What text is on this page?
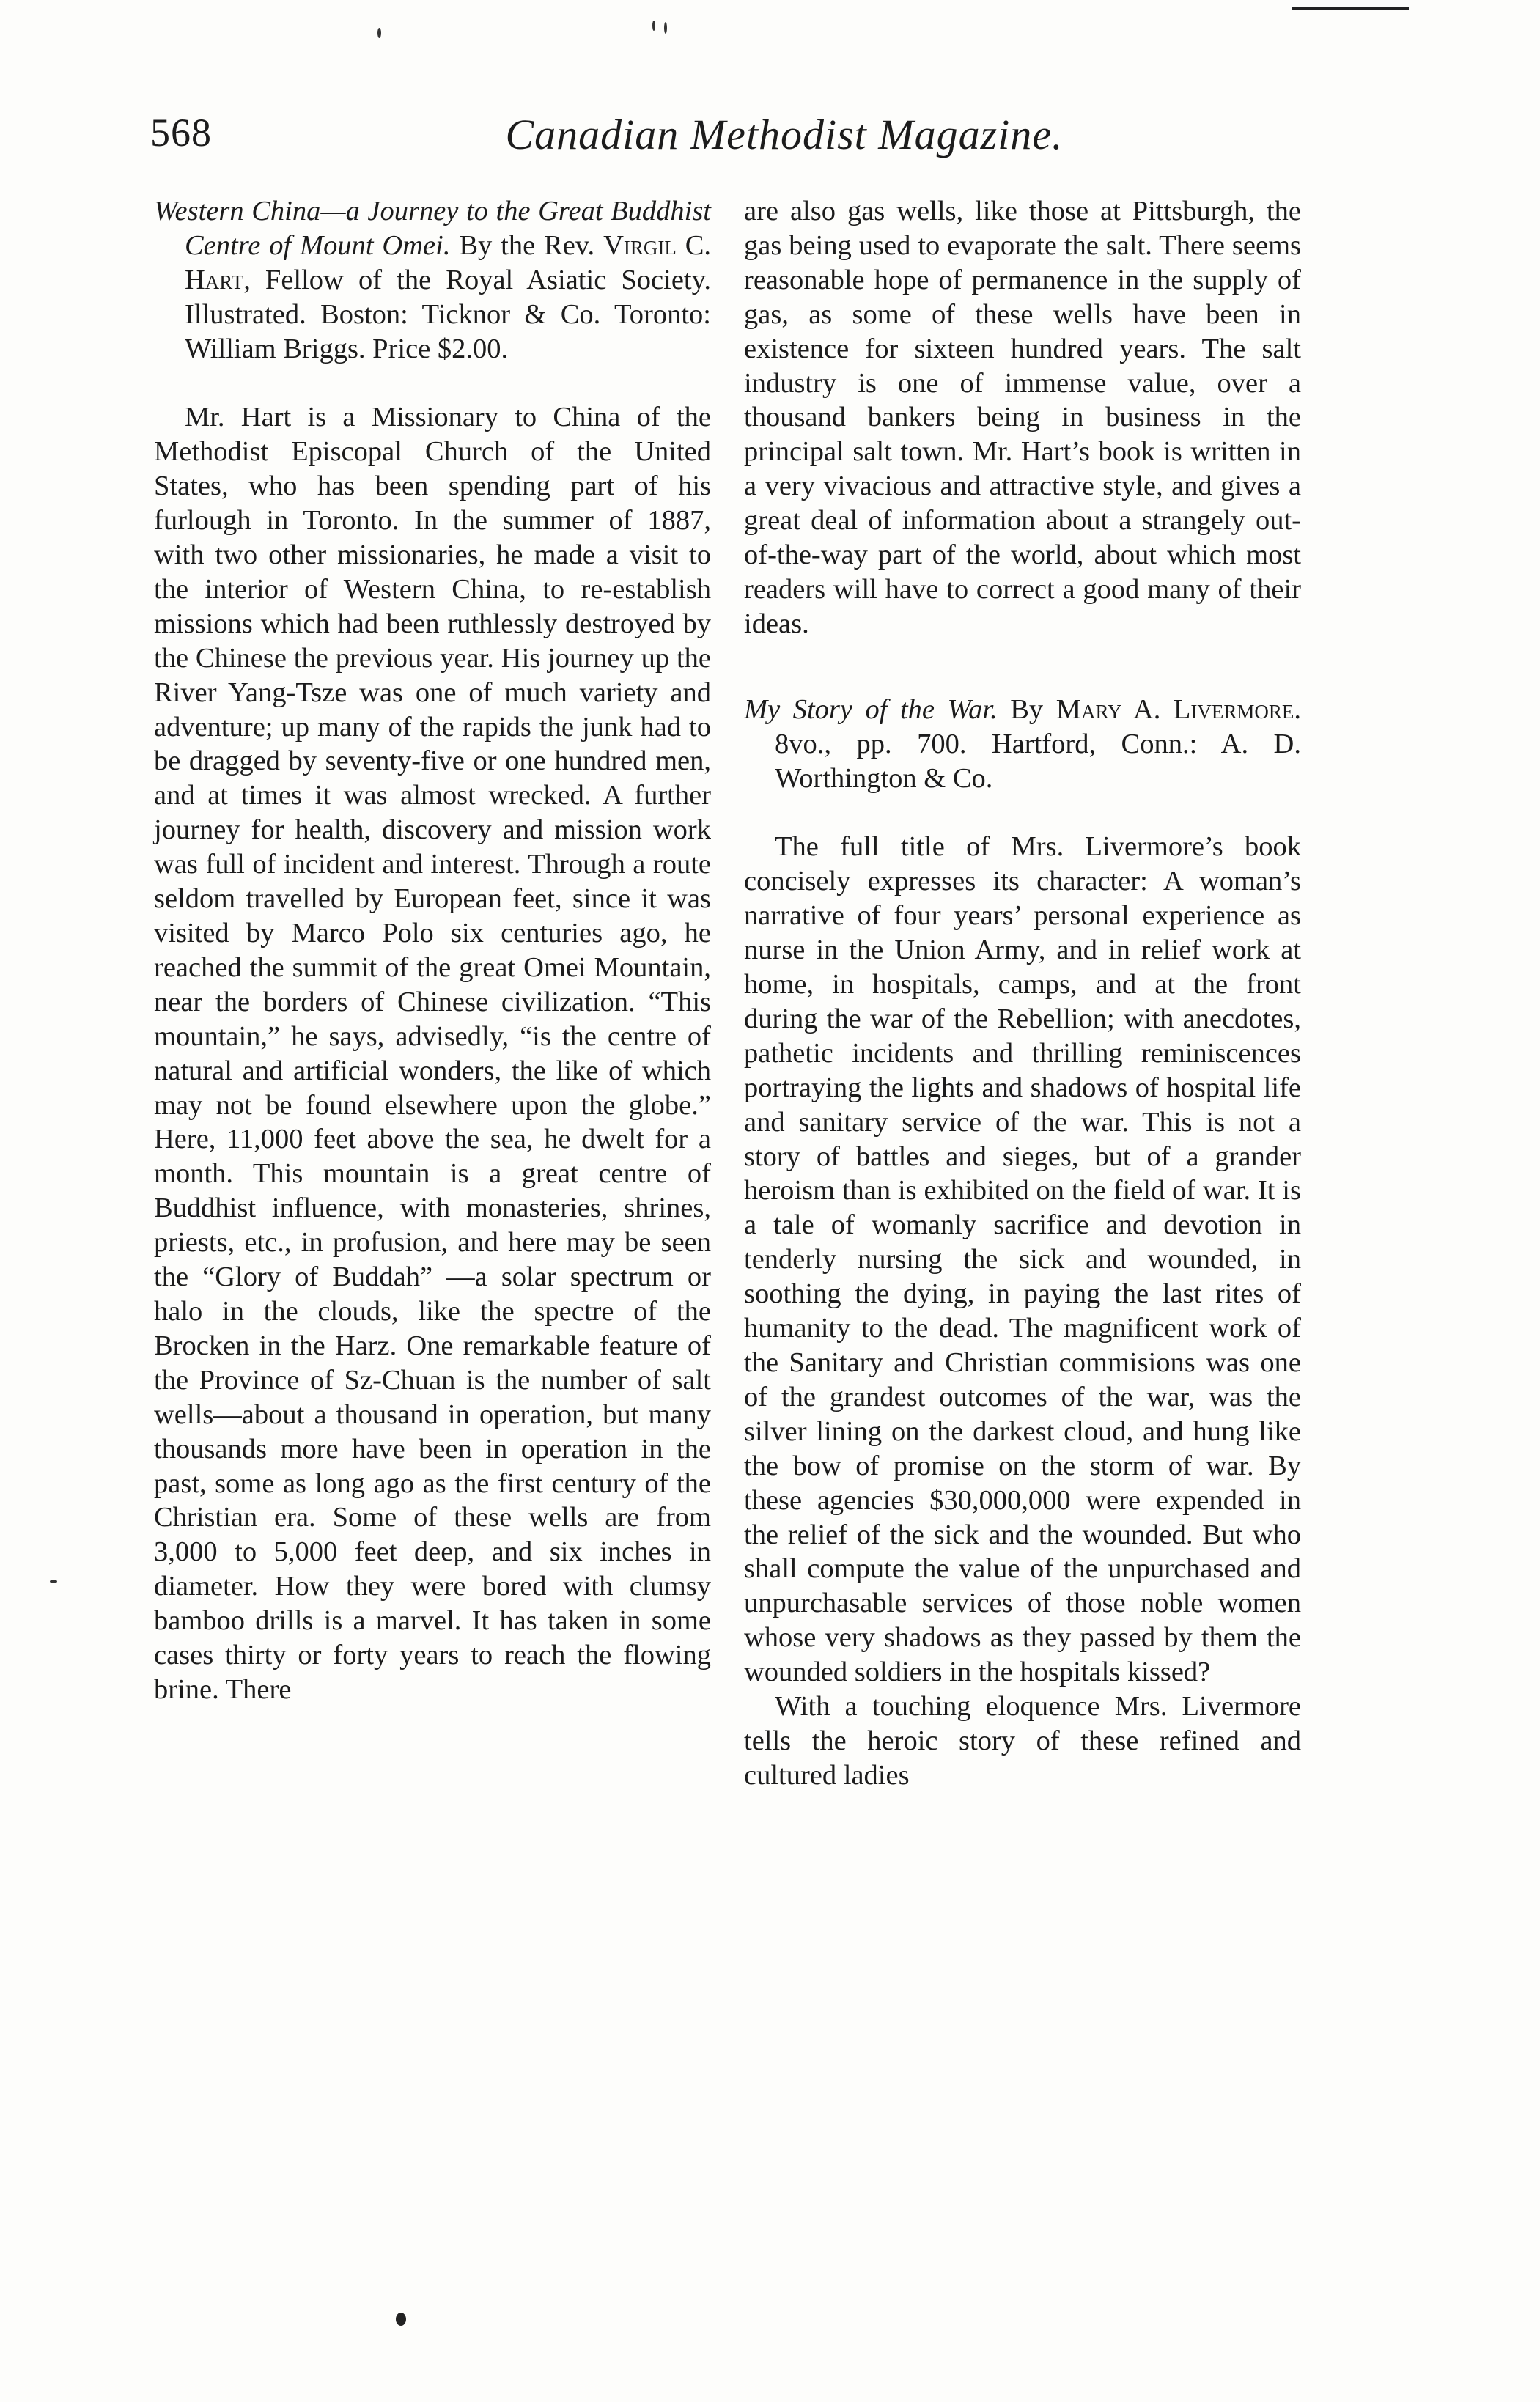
568	Canadian Methodist Magazine.

Western China—a Journey to the Great Buddhist Centre of Mount Omei. By the Rev. Virgil C. Hart, Fellow of the Royal Asiatic Society. Illustrated. Boston: Ticknor & Co. Toronto: William Briggs. Price $2.00.

Mr. Hart is a Missionary to China of the Methodist Episcopal Church of the United States, who has been spending part of his furlough in Toronto. In the summer of 1887, with two other missionaries, he made a visit to the interior of Western China, to re-establish missions which had been ruthlessly destroyed by the Chinese the previous year. His journey up the River Yang-Tsze was one of much variety and adventure; up many of the rapids the junk had to be dragged by seventy-five or one hundred men, and at times it was almost wrecked. A further journey for health, discovery and mission work was full of incident and interest. Through a route seldom travelled by European feet, since it was visited by Marco Polo six centuries ago, he reached the summit of the great Omei Mountain, near the borders of Chinese civilization. “This mountain,” he says, advisedly, “is the centre of natural and artificial wonders, the like of which may not be found elsewhere upon the globe.” Here, 11,000 feet above the sea, he dwelt for a month. This mountain is a great centre of Buddhist influence, with monasteries, shrines, priests, etc., in profusion, and here may be seen the “Glory of Buddah” —a solar spectrum or halo in the clouds, like the spectre of the Brocken in the Harz. One remarkable feature of the Province of Sz-Chuan is the number of salt wells—about a thousand in operation, but many thousands more have been in operation in the past, some as long ago as the first century of the Christian era. Some of these wells are from 3,000 to 5,000 feet deep, and six inches in diameter. How they were bored with clumsy bamboo drills is a marvel. It has taken in some cases thirty or forty years to reach the flowing brine. There

are also gas wells, like those at Pittsburgh, the gas being used to evaporate the salt. There seems reasonable hope of permanence in the supply of gas, as some of these wells have been in existence for sixteen hundred years. The salt industry is one of immense value, over a thousand bankers being in business in the principal salt town. Mr. Hart’s book is written in a very vivacious and attractive style, and gives a great deal of information about a strangely out-of-the-way part of the world, about which most readers will have to correct a good many of their ideas.

My Story of the War. By Mary A. Livermore. 8vo., pp. 700. Hartford, Conn.: A. D. Worthington & Co.

The full title of Mrs. Livermore’s book concisely expresses its character: A woman’s narrative of four years’ personal experience as nurse in the Union Army, and in relief work at home, in hospitals, camps, and at the front during the war of the Rebellion; with anecdotes, pathetic incidents and thrilling reminiscences portraying the lights and shadows of hospital life and sanitary service of the war. This is not a story of battles and sieges, but of a grander heroism than is exhibited on the field of war. It is a tale of womanly sacrifice and devotion in tenderly nursing the sick and wounded, in soothing the dying, in paying the last rites of humanity to the dead. The magnificent work of the Sanitary and Christian commisions was one of the grandest outcomes of the war, was the silver lining on the darkest cloud, and hung like the bow of promise on the storm of war. By these agencies $30,000,000 were expended in the relief of the sick and the wounded. But who shall compute the value of the unpurchased and unpurchasable services of those noble women whose very shadows as they passed by them the wounded soldiers in the hospitals kissed?

With a touching eloquence Mrs. Livermore tells the heroic story of these refined and cultured ladies
